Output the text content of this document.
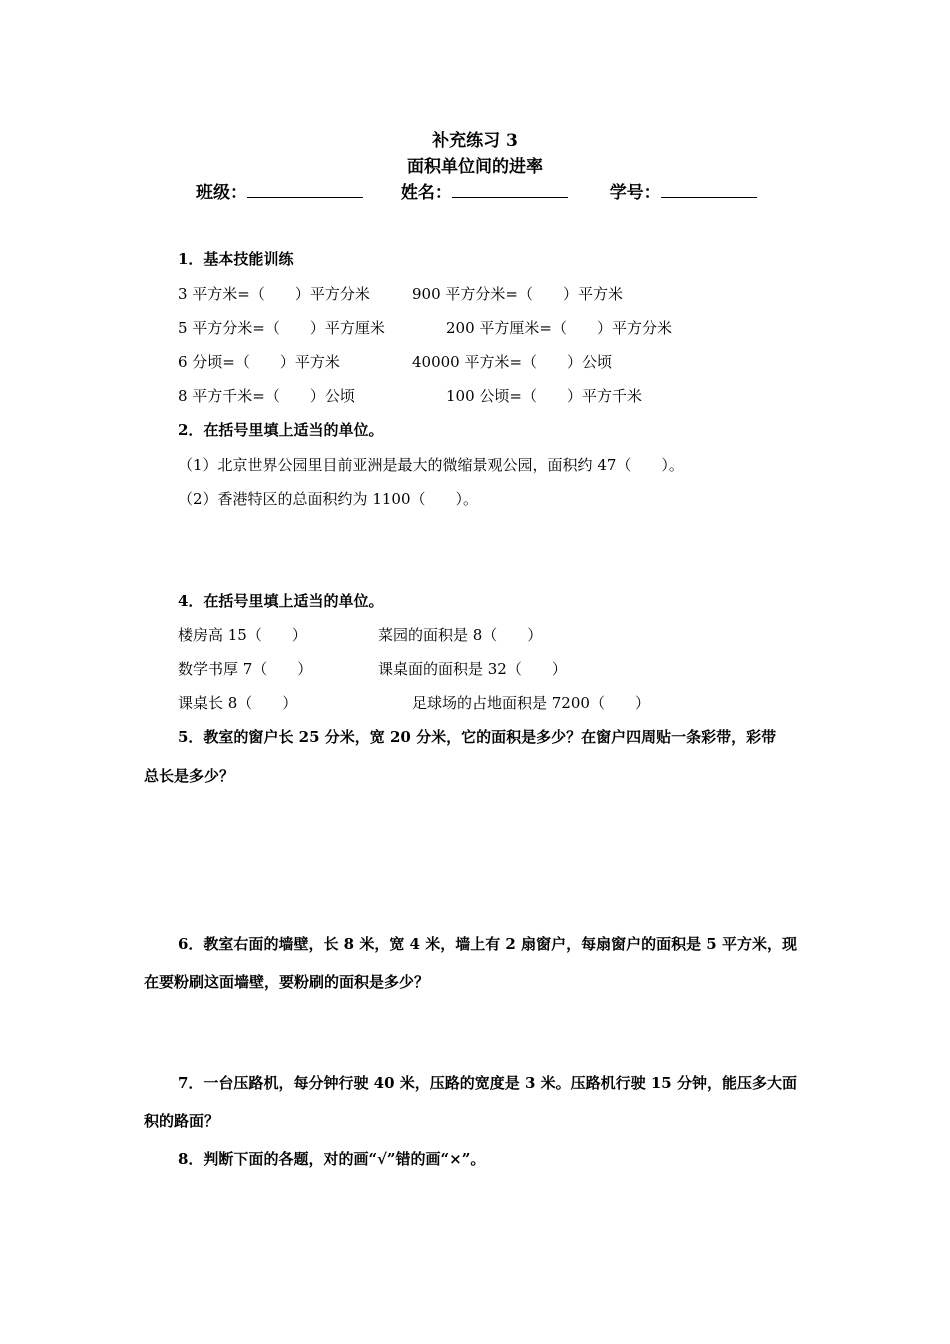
补充练习 3
面积单位间的进率
班级：	姓名：	学号：
1．基本技能训练
3 平方米=（　　）平方分米	900 平方分米=（　　）平方米
5 平方分米=（　　）平方厘米	200 平方厘米=（　　）平方分米
6 分顷=（　　）平方米	40000 平方米=（　　）公顷
8 平方千米=（　　）公顷	100 公顷=（　　）平方千米
2．在括号里填上适当的单位。
（1）北京世界公园里目前亚洲是最大的微缩景观公园，面积约 47（　　）。
（2）香港特区的总面积约为 1100（　　）。
4．在括号里填上适当的单位。
楼房高 15（　　）	菜园的面积是 8（　　）
数学书厚 7（　　）	课桌面的面积是 32（　　）
课桌长 8（　　）	足球场的占地面积是 7200（　　）
5．教室的窗户长 25 分米，宽 20 分米，它的面积是多少？在窗户四周贴一条彩带，彩带
总长是多少？
6．教室右面的墙壁，长 8 米，宽 4 米，墙上有 2 扇窗户，每扇窗户的面积是 5 平方米，现
在要粉刷这面墙壁，要粉刷的面积是多少？
7．一台压路机，每分钟行驶 40 米，压路的宽度是 3 米。压路机行驶 15 分钟，能压多大面
积的路面？
8．判断下面的各题，对的画“√”错的画“×”。
